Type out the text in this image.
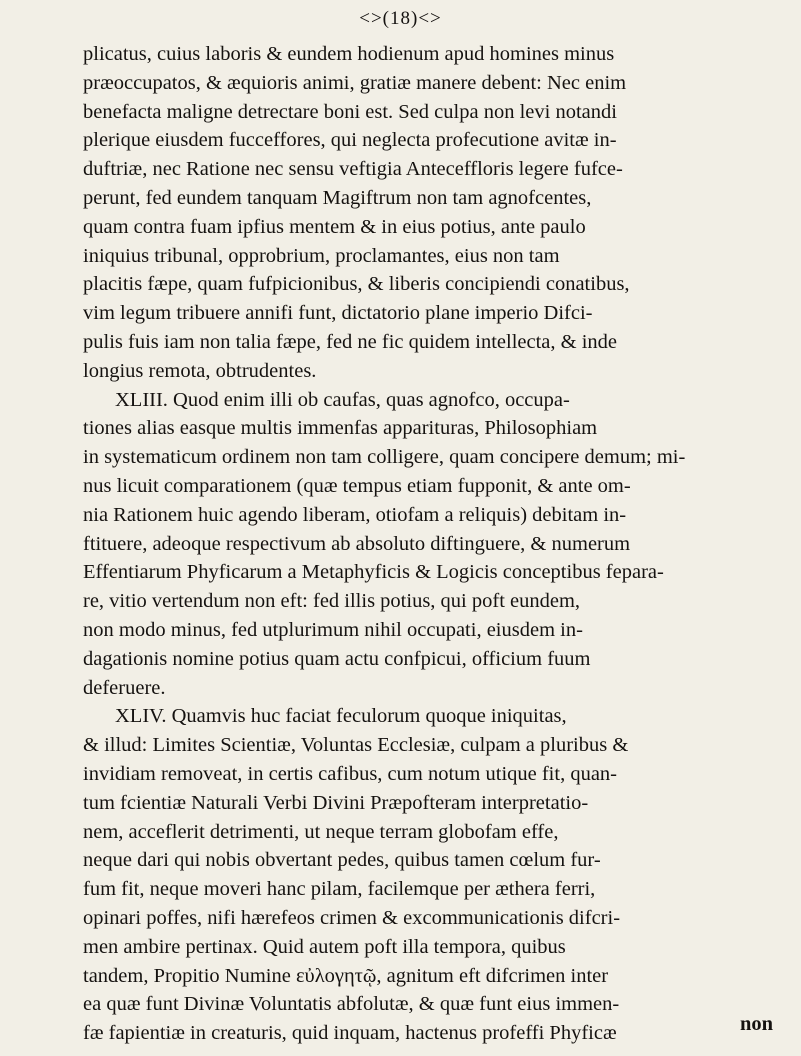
<>(18)<>
plicatus, cuius laboris & eundem hodienum apud homines minus
præoccupatos, & æquioris animi, gratiæ manere debent: Nec enim
benefacta maligne detrectare boni est. Sed culpa non levi notandi
plerique eiusdem fucceffores, qui neglecta profecutione avitæ in-
duftriæ, nec Ratione nec sensu veftigia Anteceffloris legere fufce-
perunt, fed eundem tanquam Magiftrum non tam agnofcentes,
quam contra fuam ipfius mentem & in eius potius, ante paulo
iniquius tribunal, opprobrium, proclamantes, eius non tam
placitis fæpe, quam fufpicionibus, & liberis concipiendi conatibus,
vim legum tribuere annifi funt, dictatorio plane imperio Difci-
pulis fuis iam non talia fæpe, fed ne fic quidem intellecta, & inde
longius remota, obtrudentes.
XLIII. Quod enim illi ob caufas, quas agnofco, occupa-
tiones alias easque multis immenfas apparituras, Philosophiam
in systematicum ordinem non tam colligere, quam concipere demum; mi-
nus licuit comparationem (quæ tempus etiam fupponit, & ante om-
nia Rationem huic agendo liberam, otiofam a reliquis) debitam in-
ftituere, adeoque respectivum ab absoluto diftinguere, & numerum
Effentiarum Phyficarum a Metaphyficis & Logicis conceptibus fepara-
re, vitio vertendum non eft: fed illis potius, qui poft eundem,
non modo minus, fed utplurimum nihil occupati, eiusdem in-
dagationis nomine potius quam actu confpicui, officium fuum
deferuere.
XLIV. Quamvis huc faciat feculorum quoque iniquitas,
& illud: Limites Scientiæ, Voluntas Ecclesiæ, culpam a pluribus &
invidiam removeat, in certis cafibus, cum notum utique fit, quan-
tum fcientiæ Naturali Verbi Divini Præpofteram interpretatio-
nem, acceflerit detrimenti, ut neque terram globofam effe,
neque dari qui nobis obvertant pedes, quibus tamen cœlum fur-
fum fit, neque moveri hanc pilam, facilemque per æthera ferri,
opinari poffes, nifi hærefeos crimen & excommunicationis difcri-
men ambire pertinax. Quid autem poft illa tempora, quibus
tandem, Propitio Numine εὐλογητῷ, agnitum eft difcrimen inter
ea quæ funt Divinæ Voluntatis abfolutæ, & quæ funt eius immen-
fæ fapientiæ in creaturis, quid inquam, hactenus profeffi Phyficæ	non
